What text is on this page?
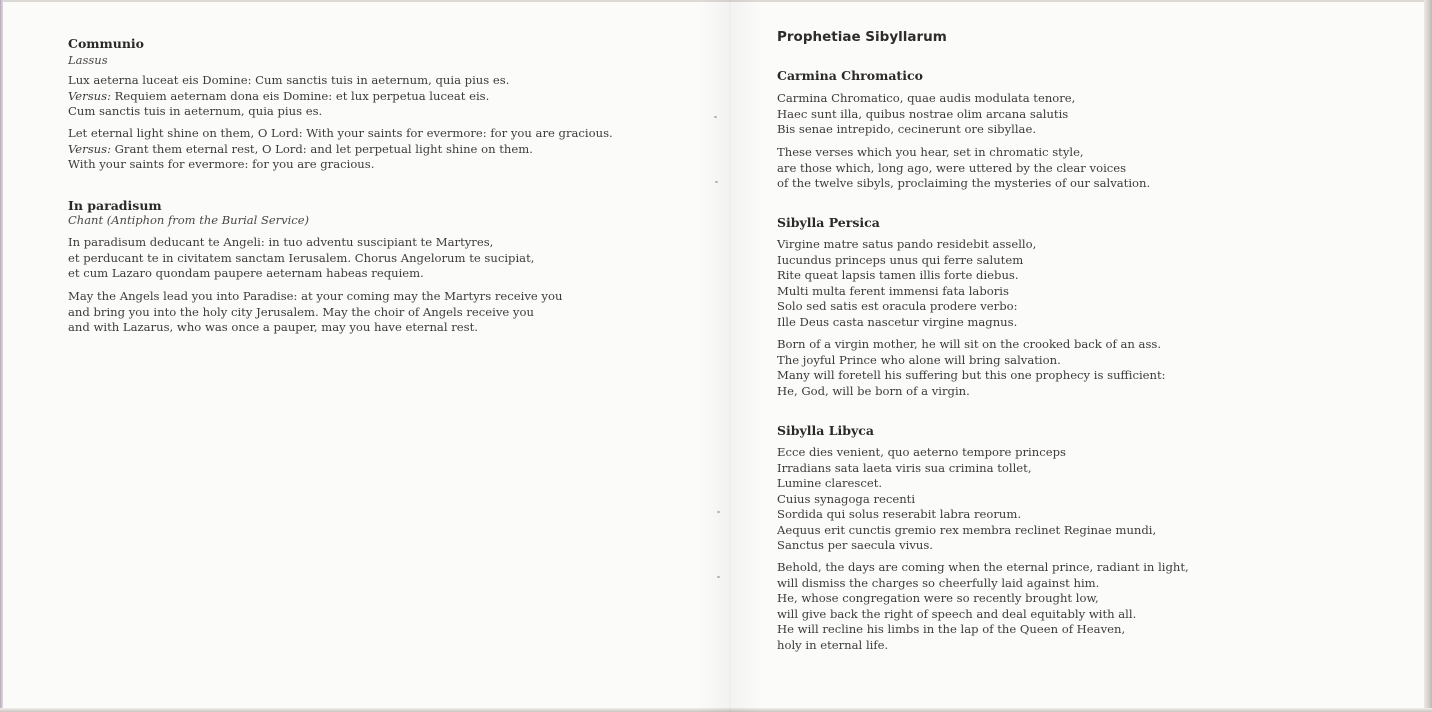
Communio
Lassus
Lux aeterna luceat eis Domine: Cum sanctis tuis in aeternum, quia pius es.
Versus: Requiem aeternam dona eis Domine: et lux perpetua luceat eis.
Cum sanctis tuis in aeternum, quia pius es.
Let eternal light shine on them, O Lord: With your saints for evermore: for you are gracious.
Versus: Grant them eternal rest, O Lord: and let perpetual light shine on them.
With your saints for evermore: for you are gracious.
In paradisum
Chant (Antiphon from the Burial Service)
In paradisum deducant te Angeli: in tuo adventu suscipiant te Martyres,
et perducant te in civitatem sanctam Ierusalem. Chorus Angelorum te sucipiat,
et cum Lazaro quondam paupere aeternam habeas requiem.
May the Angels lead you into Paradise: at your coming may the Martyrs receive you
and bring you into the holy city Jerusalem. May the choir of Angels receive you
and with Lazarus, who was once a pauper, may you have eternal rest.
Prophetiae Sibyllarum
Carmina Chromatico
Carmina Chromatico, quae audis modulata tenore,
Haec sunt illa, quibus nostrae olim arcana salutis
Bis senae intrepido, cecinerunt ore sibyllae.
These verses which you hear, set in chromatic style,
are those which, long ago, were uttered by the clear voices
of the twelve sibyls, proclaiming the mysteries of our salvation.
Sibylla Persica
Virgine matre satus pando residebit assello,
Iucundus princeps unus qui ferre salutem
Rite queat lapsis tamen illis forte diebus.
Multi multa ferent immensi fata laboris
Solo sed satis est oracula prodere verbo:
Ille Deus casta nascetur virgine magnus.
Born of a virgin mother, he will sit on the crooked back of an ass.
The joyful Prince who alone will bring salvation.
Many will foretell his suffering but this one prophecy is sufficient:
He, God, will be born of a virgin.
Sibylla Libyca
Ecce dies venient, quo aeterno tempore princeps
Irradians sata laeta viris sua crimina tollet,
Lumine clarescet.
Cuius synagoga recenti
Sordida qui solus reserabit labra reorum.
Aequus erit cunctis gremio rex membra reclinet Reginae mundi,
Sanctus per saecula vivus.
Behold, the days are coming when the eternal prince, radiant in light,
will dismiss the charges so cheerfully laid against him.
He, whose congregation were so recently brought low,
will give back the right of speech and deal equitably with all.
He will recline his limbs in the lap of the Queen of Heaven,
holy in eternal life.
